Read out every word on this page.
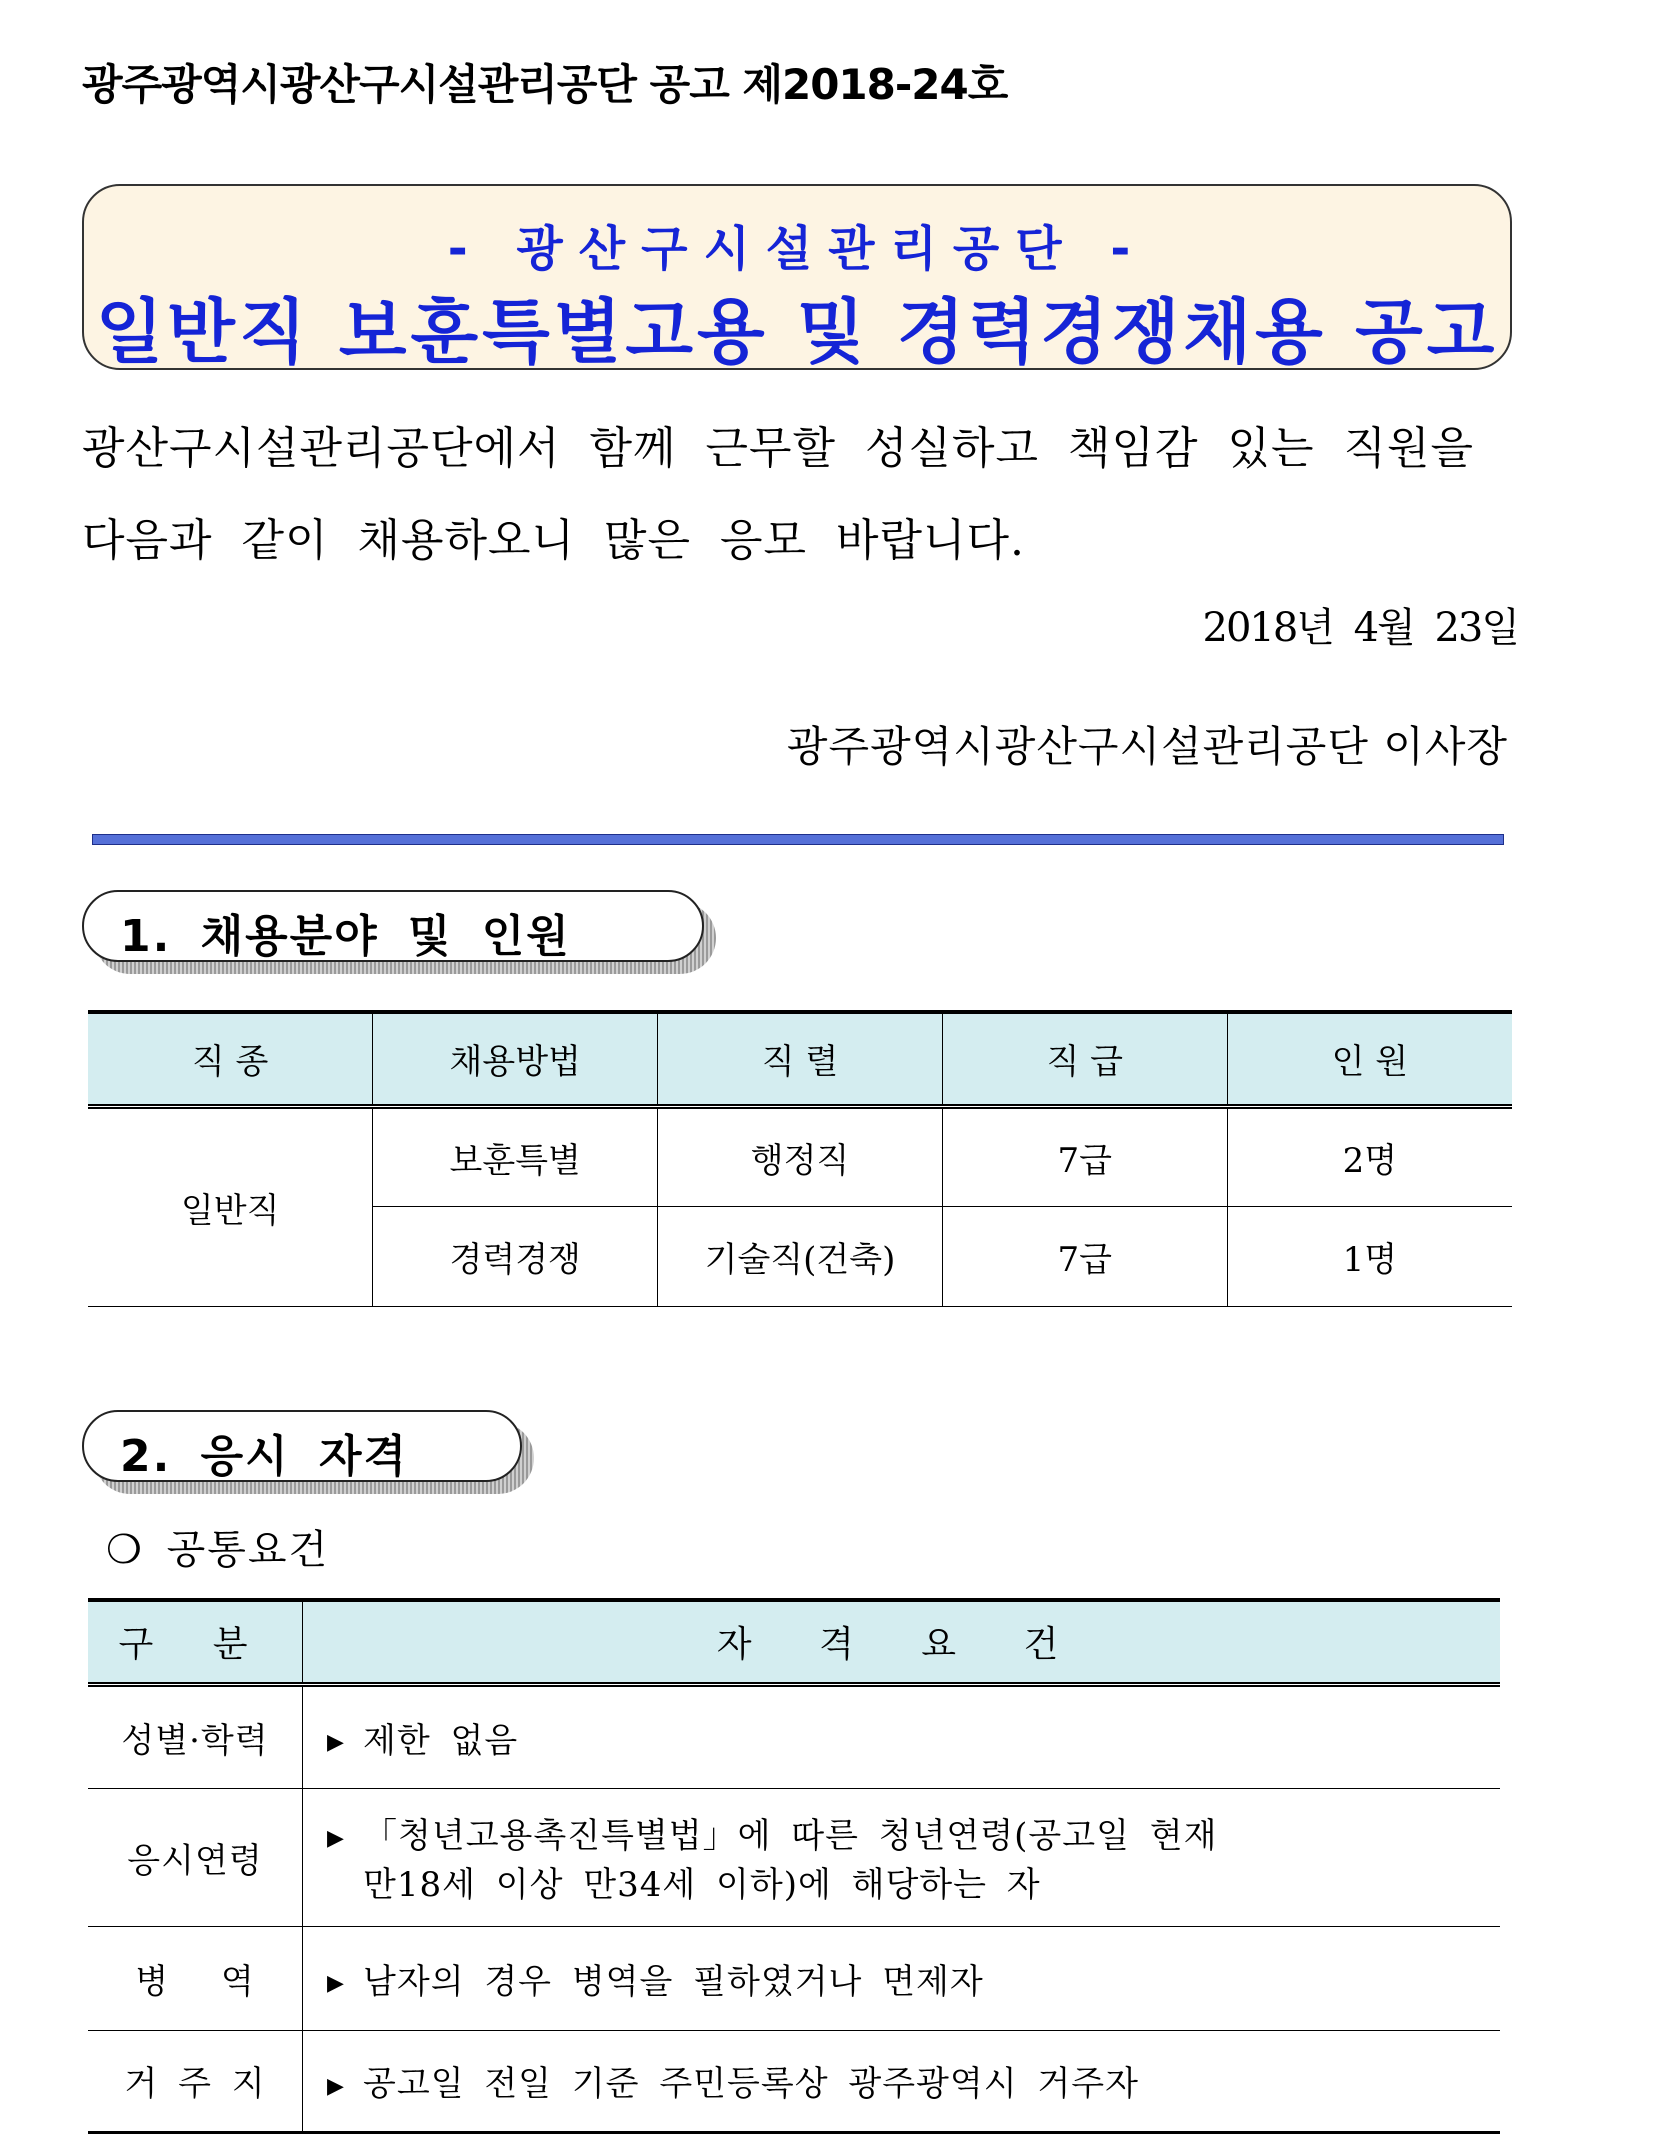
광주광역시광산구시설관리공단 공고 제2018-24호
- 광산구시설관리공단 -
일반직 보훈특별고용 및 경력경쟁채용 공고
광산구시설관리공단에서 함께 근무할 성실하고 책임감 있는 직원을
다음과 같이 채용하오니 많은 응모 바랍니다.
2018년 4월 23일
광주광역시광산구시설관리공단 이사장
1. 채용분야 및 인원
직 종	채용방법	직 렬	직 급	인 원
일반직	보훈특별	행정직	7급	2명
	경력경쟁	기술직(건축)	7급	1명
2. 응시 자격
❍ 공통요건
구 분	자 격 요 건
성별·학력	▶ 제한 없음
응시연령	▶ 「청년고용촉진특별법」에 따른 청년연령(공고일 현재
만18세 이상 만34세 이하)에 해당하는 자

병 역	▶ 남자의 경우 병역을 필하였거나 면제자
거 주 지	▶ 공고일 전일 기준 주민등록상 광주광역시 거주자
